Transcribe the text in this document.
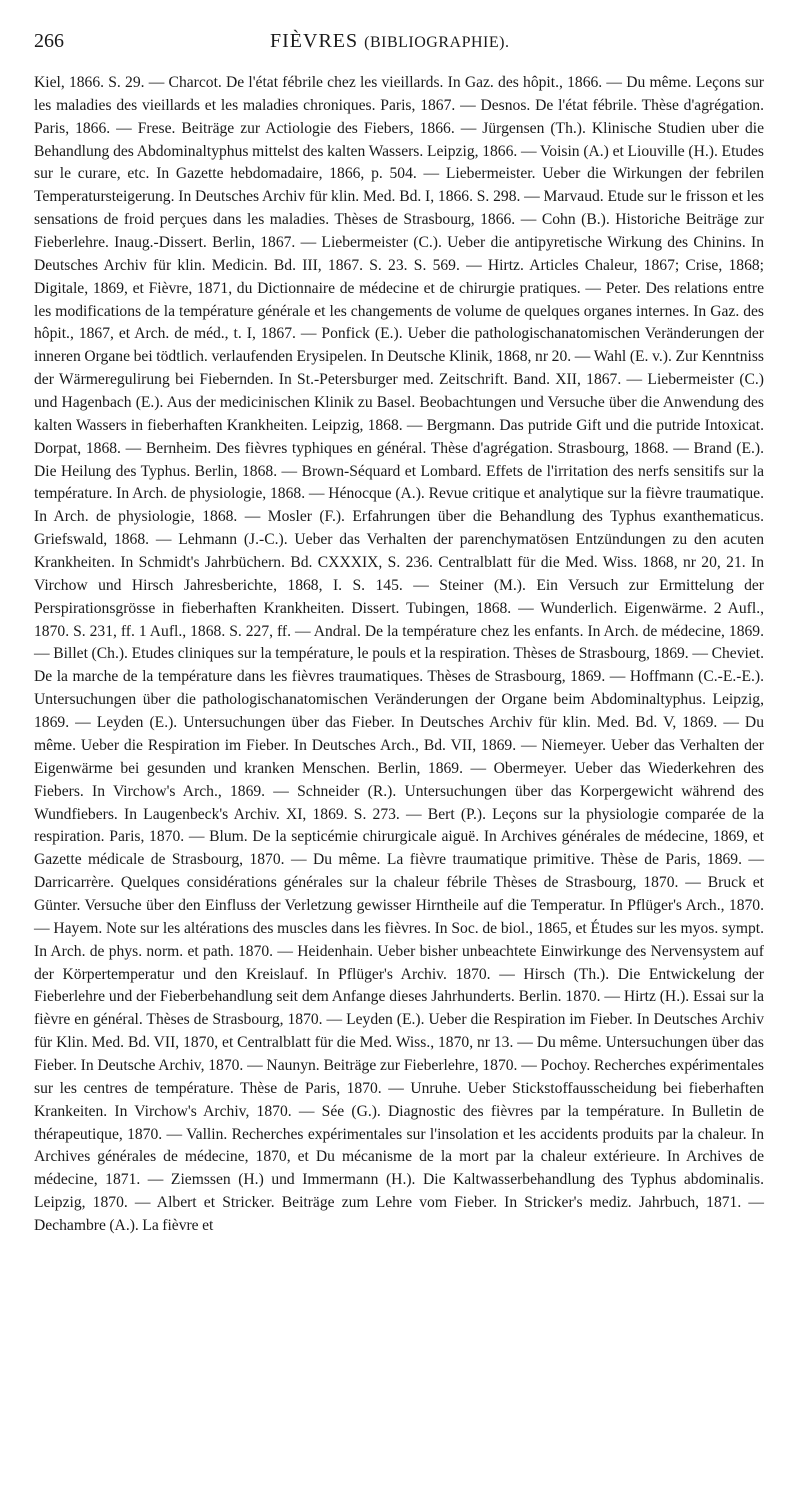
266	FIÈVRES (BIBLIOGRAPHIE).

Kiel, 1866. S. 29. — Charcot. De l'état fébrile chez les vieillards. In Gaz. des hôpit., 1866. — Du même. Leçons sur les maladies des vieillards et les maladies chroniques. Paris, 1867. — Desnos. De l'état fébrile. Thèse d'agrégation. Paris, 1866. — Frese. Beiträge zur Actiologie des Fiebers, 1866. — Jürgensen (Th.). Klinische Studien uber die Behandlung des Abdominaltyphus mittelst des kalten Wassers. Leipzig, 1866. — Voisin (A.) et Liouville (H.). Etudes sur le curare, etc. In Gazette hebdomadaire, 1866, p. 504. — Liebermeister. Ueber die Wirkungen der febrilen Temperatursteigerung. In Deutsches Archiv für klin. Med. Bd. I, 1866. S. 298. — Marvaud. Etude sur le frisson et les sensations de froid perçues dans les maladies. Thèses de Strasbourg, 1866. — Cohn (B.). Historiche Beiträge zur Fieberlehre. Inaug.-Dissert. Berlin, 1867. — Liebermeister (C.). Ueber die antipyretische Wirkung des Chinins. In Deutsches Archiv für klin. Medicin. Bd. III, 1867. S. 23. S. 569. — Hirtz. Articles Chaleur, 1867; Crise, 1868; Digitale, 1869, et Fièvre, 1871, du Dictionnaire de médecine et de chirurgie pratiques. — Peter. Des relations entre les modifications de la température générale et les changements de volume de quelques organes internes. In Gaz. des hôpit., 1867, et Arch. de méd., t. I, 1867. — Ponfick (E.). Ueber die pathologischanatomischen Veränderungen der inneren Organe bei tödtlich. verlaufenden Erysipelen. In Deutsche Klinik, 1868, nr 20. — Wahl (E. v.). Zur Kenntniss der Wärmeregulirung bei Fiebernden. In St.-Petersburger med. Zeitschrift. Band. XII, 1867. — Liebermeister (C.) und Hagenbach (E.). Aus der medicinischen Klinik zu Basel. Beobachtungen und Versuche über die Anwendung des kalten Wassers in fieberhaften Krankheiten. Leipzig, 1868. — Bergmann. Das putride Gift und die putride Intoxicat. Dorpat, 1868. — Bernheim. Des fièvres typhiques en général. Thèse d'agrégation. Strasbourg, 1868. — Brand (E.). Die Heilung des Typhus. Berlin, 1868. — Brown-Séquard et Lombard. Effets de l'irritation des nerfs sensitifs sur la température. In Arch. de physiologie, 1868. — Hénocque (A.). Revue critique et analytique sur la fièvre traumatique. In Arch. de physiologie, 1868. — Mosler (F.). Erfahrungen über die Behandlung des Typhus exanthematicus. Griefswald, 1868. — Lehmann (J.-C.). Ueber das Verhalten der parenchymatösen Entzündungen zu den acuten Krankheiten. In Schmidt's Jahrbüchern. Bd. CXXXIX, S. 236. Centralblatt für die Med. Wiss. 1868, nr 20, 21. In Virchow und Hirsch Jahresberichte, 1868, I. S. 145. — Steiner (M.). Ein Versuch zur Ermittelung der Perspirationsgrösse in fieberhaften Krankheiten. Dissert. Tubingen, 1868. — Wunderlich. Eigenwärme. 2 Aufl., 1870. S. 231, ff. 1 Aufl., 1868. S. 227, ff. — Andral. De la température chez les enfants. In Arch. de médecine, 1869. — Billet (Ch.). Etudes cliniques sur la température, le pouls et la respiration. Thèses de Strasbourg, 1869. — Cheviet. De la marche de la température dans les fièvres traumatiques. Thèses de Strasbourg, 1869. — Hoffmann (C.-E.-E.). Untersuchungen über die pathologischanatomischen Veränderungen der Organe beim Abdominaltyphus. Leipzig, 1869. — Leyden (E.). Untersuchungen über das Fieber. In Deutsches Archiv für klin. Med. Bd. V, 1869. — Du même. Ueber die Respiration im Fieber. In Deutsches Arch., Bd. VII, 1869. — Niemeyer. Ueber das Verhalten der Eigenwärme bei gesunden und kranken Menschen. Berlin, 1869. — Obermeyer. Ueber das Wiederkehren des Fiebers. In Virchow's Arch., 1869. — Schneider (R.). Untersuchungen über das Korpergewicht während des Wundfiebers. In Laugenbeck's Archiv. XI, 1869. S. 273. — Bert (P.). Leçons sur la physiologie comparée de la respiration. Paris, 1870. — Blum. De la septicémie chirurgicale aiguë. In Archives générales de médecine, 1869, et Gazette médicale de Strasbourg, 1870. — Du même. La fièvre traumatique primitive. Thèse de Paris, 1869. — Darricarrère. Quelques considérations générales sur la chaleur fébrile Thèses de Strasbourg, 1870. — Bruck et Günter. Versuche über den Einfluss der Verletzung gewisser Hirntheile auf die Temperatur. In Pflüger's Arch., 1870. — Hayem. Note sur les altérations des muscles dans les fièvres. In Soc. de biol., 1865, et Études sur les myos. sympt. In Arch. de phys. norm. et path. 1870. — Heidenhain. Ueber bisher unbeachtete Einwirkunge des Nervensystem auf der Körpertemperatur und den Kreislauf. In Pflüger's Archiv. 1870. — Hirsch (Th.). Die Entwickelung der Fieberlehre und der Fieberbehandlung seit dem Anfange dieses Jahrhunderts. Berlin. 1870. — Hirtz (H.). Essai sur la fièvre en général. Thèses de Strasbourg, 1870. — Leyden (E.). Ueber die Respiration im Fieber. In Deutsches Archiv für Klin. Med. Bd. VII, 1870, et Centralblatt für die Med. Wiss., 1870, nr 13. — Du même. Untersuchungen über das Fieber. In Deutsche Archiv, 1870. — Naunyn. Beiträge zur Fieberlehre, 1870. — Pochoy. Recherches expérimentales sur les centres de température. Thèse de Paris, 1870. — Unruhe. Ueber Stickstoffausscheidung bei fieberhaften Krankeiten. In Virchow's Archiv, 1870. — Sée (G.). Diagnostic des fièvres par la température. In Bulletin de thérapeutique, 1870. — Vallin. Recherches expérimentales sur l'insolation et les accidents produits par la chaleur. In Archives générales de médecine, 1870, et Du mécanisme de la mort par la chaleur extérieure. In Archives de médecine, 1871. — Ziemssen (H.) und Immermann (H.). Die Kaltwasserbehandlung des Typhus abdominalis. Leipzig, 1870. — Albert et Stricker. Beiträge zum Lehre vom Fieber. In Stricker's mediz. Jahrbuch, 1871. — Dechambre (A.). La fièvre et
